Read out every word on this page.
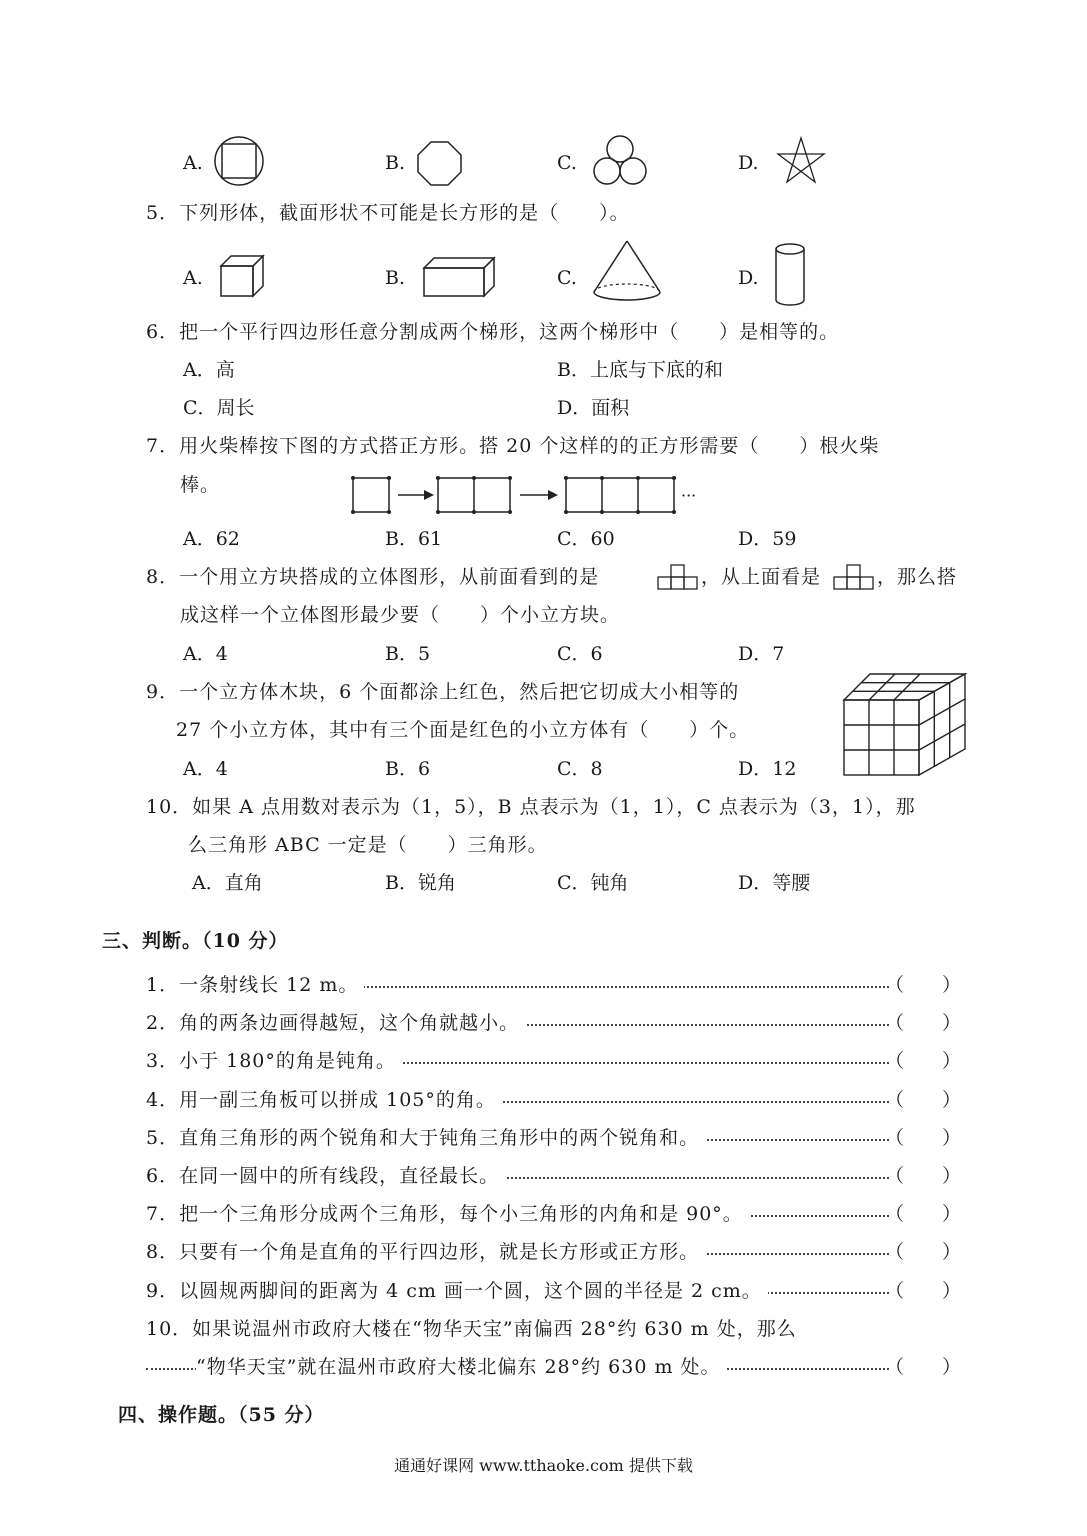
A.	B.	C.	D.
5．下列形体，截面形状不可能是长方形的是（　　）。
A.	B.	C.	D.
6．把一个平行四边形任意分割成两个梯形，这两个梯形中（　　）是相等的。
A．高	B．上底与下底的和
C．周长	D．面积
7．用火柴棒按下图的方式搭正方形。搭 20 个这样的的正方形需要（　　）根火柴
棒。	···
A．62	B．61	C．60	D．59
8．一个用立方块搭成的立体图形，从前面看到的是	，从上面看是	，那么搭
成这样一个立体图形最少要（　　）个小立方块。
A．4	B．5	C．6	D．7
9．一个立方体木块，6 个面都涂上红色，然后把它切成大小相等的
27 个小立方体，其中有三个面是红色的小立方体有（　　）个。
A．4	B．6	C．8	D．12
10．如果 A 点用数对表示为（1，5），B 点表示为（1，1），C 点表示为（3，1），那
么三角形 ABC 一定是（　　）三角形。
A．直角	B．锐角	C．钝角	D．等腰
三、判断。（10 分）
1．一条射线长 12 m。	（　　）
2．角的两条边画得越短，这个角就越小。	（　　）
3．小于 180°的角是钝角。	（　　）
4．用一副三角板可以拼成 105°的角。	（　　）
5．直角三角形的两个锐角和大于钝角三角形中的两个锐角和。	（　　）
6．在同一圆中的所有线段，直径最长。	（　　）
7．把一个三角形分成两个三角形，每个小三角形的内角和是 90°。	（　　）
8．只要有一个角是直角的平行四边形，就是长方形或正方形。	（　　）
9．以圆规两脚间的距离为 4 cm 画一个圆，这个圆的半径是 2 cm。	（　　）
10．如果说温州市政府大楼在“物华天宝”南偏西 28°约 630 m 处，那么
“物华天宝”就在温州市政府大楼北偏东 28°约 630 m 处。	（　　）
四、操作题。（55 分）
通通好课网 www.tthaoke.com 提供下载
